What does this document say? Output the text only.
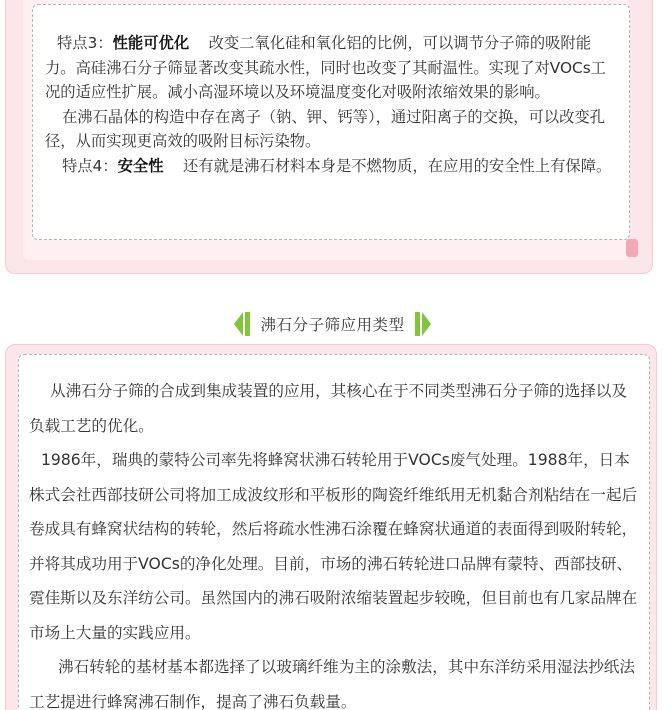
特点3：性能可优化 改变二氧化硅和氧化铝的比例，可以调节分子筛的吸附能力。高硅沸石分子筛显著改变其疏水性，同时也改变了其耐温性。实现了对VOCs工况的适应性扩展。减小高湿环境以及环境温度变化对吸附浓缩效果的影响。

在沸石晶体的构造中存在离子（钠、钾、钙等），通过阳离子的交换，可以改变孔径，从而实现更高效的吸附目标污染物。

特点4：安全性 还有就是沸石材料本身是不燃物质，在应用的安全性上有保障。

沸石分子筛应用类型

从沸石分子筛的合成到集成装置的应用，其核心在于不同类型沸石分子筛的选择以及负载工艺的优化。

1986年，瑞典的蒙特公司率先将蜂窝状沸石转轮用于VOCs废气处理。1988年，日本株式会社西部技研公司将加工成波纹形和平板形的陶瓷纤维纸用无机黏合剂粘结在一起后卷成具有蜂窝状结构的转轮，然后将疏水性沸石涂覆在蜂窝状通道的表面得到吸附转轮，并将其成功用于VOCs的净化处理。目前，市场的沸石转轮进口品牌有蒙特、西部技研、霓佳斯以及东洋纺公司。虽然国内的沸石吸附浓缩装置起步较晚，但目前也有几家品牌在市场上大量的实践应用。

沸石转轮的基材基本都选择了以玻璃纤维为主的涂敷法，其中东洋纺采用湿法抄纸法工艺提进行蜂窝沸石制作，提高了沸石负载量。
